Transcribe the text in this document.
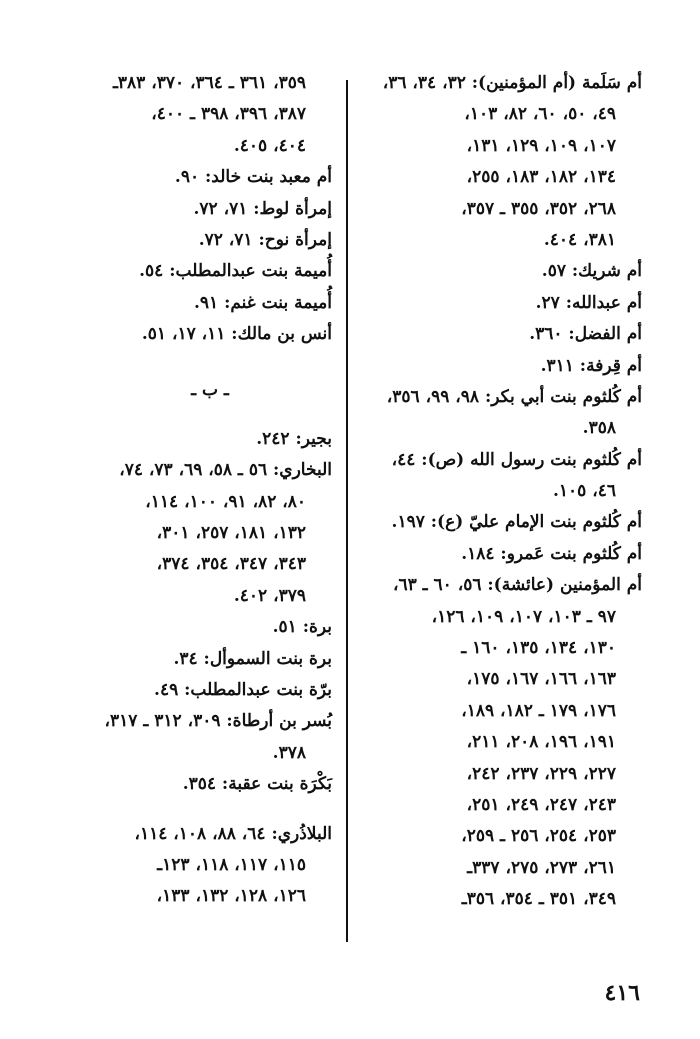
أم سَلَمة (أم المؤمنين): ٣٢، ٣٤، ٣٦،
٤٩، ٥٠، ٦٠، ٨٢، ١٠٣،
١٠٧، ١٠٩، ١٢٩، ١٣١،
١٣٤، ١٨٢، ١٨٣، ٢٥٥،
٢٦٨، ٣٥٢، ٣٥٥ ـ ٣٥٧،
٣٨١، ٤٠٤.
أم شريك: ٥٧.
أم عبدالله: ٢٧.
أم الفضل: ٣٦٠.
أم قِرفة: ٣١١.
أم كُلثوم بنت أبي بكر: ٩٨، ٩٩، ٣٥٦،
٣٥٨.
أم كُلثوم بنت رسول الله (ص): ٤٤،
٤٦، ١٠٥.
أم كُلثوم بنت الإمام عليّ (ع): ١٩٧.
أم كُلثوم بنت عَمرو: ١٨٤.
أم المؤمنين (عائشة): ٥٦، ٦٠ ـ ٦٣،
٩٧ ـ ١٠٣، ١٠٧، ١٠٩، ١٢٦،
١٣٠، ١٣٤، ١٣٥، ١٦٠ ـ
١٦٣، ١٦٦، ١٦٧، ١٧٥،
١٧٦، ١٧٩ ـ ١٨٢، ١٨٩،
١٩١، ١٩٦، ٢٠٨، ٢١١،
٢٢٧، ٢٢٩، ٢٣٧، ٢٤٢،
٢٤٣، ٢٤٧، ٢٤٩، ٢٥١،
٢٥٣، ٢٥٤، ٢٥٦ ـ ٢٥٩،
٢٦١، ٢٧٣، ٢٧٥، ٣٣٧ـ
٣٤٩، ٣٥١ ـ ٣٥٤، ٣٥٦ـ
٣٥٩، ٣٦١ ـ ٣٦٤، ٣٧٠، ٣٨٣ـ
٣٨٧، ٣٩٦، ٣٩٨ ـ ٤٠٠،
٤٠٤، ٤٠٥.
أم معبد بنت خالد: ٩٠.
إمرأة لوط: ٧١، ٧٢.
إمرأة نوح: ٧١، ٧٢.
أُميمة بنت عبدالمطلب: ٥٤.
أُميمة بنت غنم: ٩١.
أنس بن مالك: ١١، ١٧، ٥١.
ـ ب ـ
بجير: ٢٤٢.
البخاري: ٥٦ ـ ٥٨، ٦٩، ٧٣، ٧٤،
٨٠، ٨٢، ٩١، ١٠٠، ١١٤،
١٣٢، ١٨١، ٢٥٧، ٣٠١،
٣٤٣، ٣٤٧، ٣٥٤، ٣٧٤،
٣٧٩، ٤٠٢.
برة: ٥١.
برة بنت السموأل: ٣٤.
برّة بنت عبدالمطلب: ٤٩.
بُسر بن أرطاة: ٣٠٩، ٣١٢ ـ ٣١٧،
٣٧٨.
بَكْرَة بنت عقبة: ٣٥٤.
البلاذُري: ٦٤، ٨٨، ١٠٨، ١١٤،
١١٥، ١١٧، ١١٨، ١٢٣ـ
١٢٦، ١٢٨، ١٣٢، ١٣٣،
٤١٦
